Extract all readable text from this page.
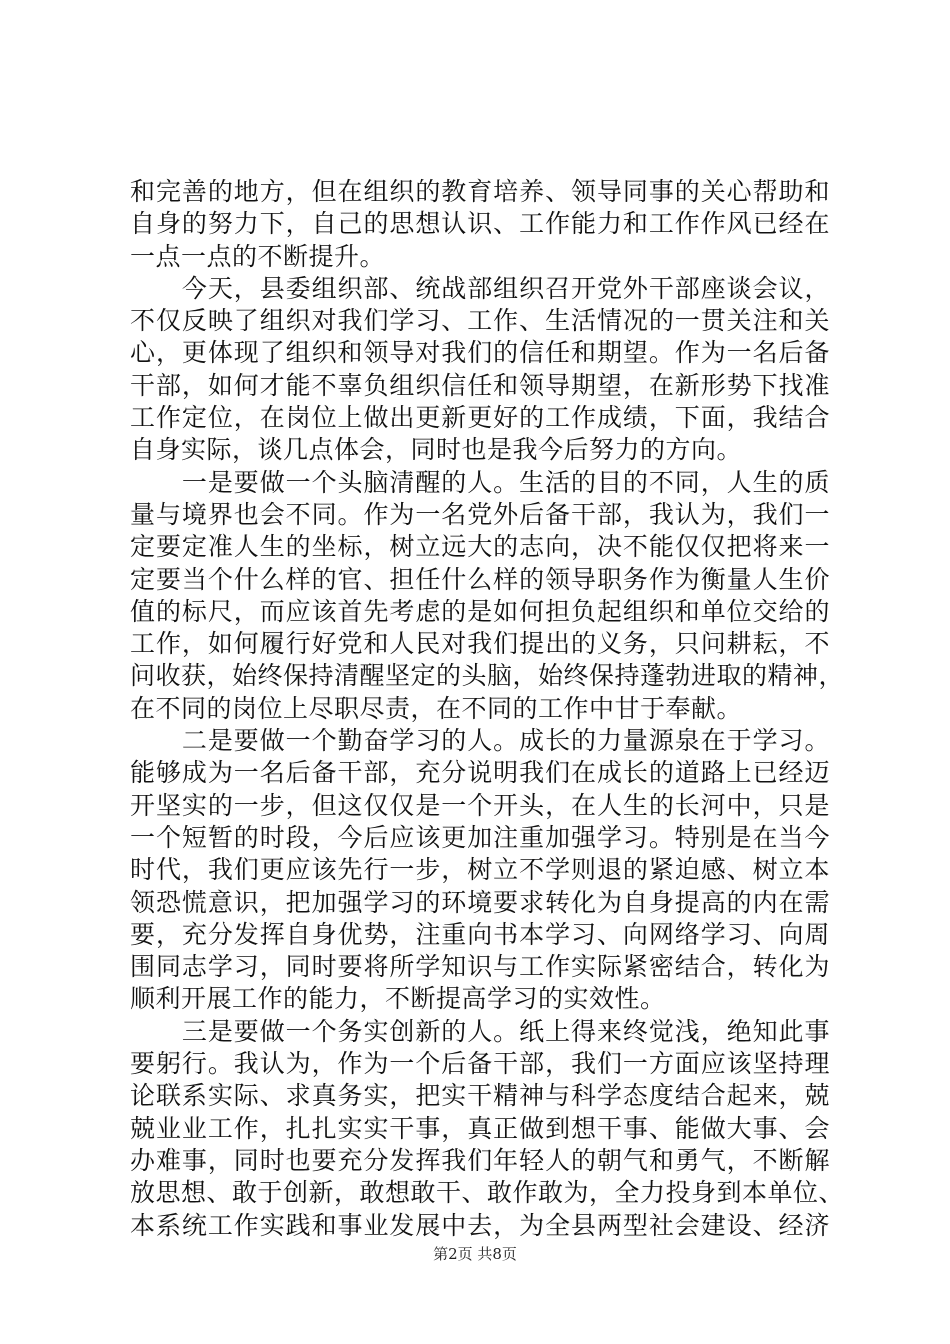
和完善的地方，但在组织的教育培养、领导同事的关心帮助和
自身的努力下，自己的思想认识、工作能力和工作作风已经在
一点一点的不断提升。
　　今天，县委组织部、统战部组织召开党外干部座谈会议，
不仅反映了组织对我们学习、工作、生活情况的一贯关注和关
心，更体现了组织和领导对我们的信任和期望。作为一名后备
干部，如何才能不辜负组织信任和领导期望，在新形势下找准
工作定位，在岗位上做出更新更好的工作成绩，下面，我结合
自身实际，谈几点体会，同时也是我今后努力的方向。
　　一是要做一个头脑清醒的人。生活的目的不同，人生的质
量与境界也会不同。作为一名党外后备干部，我认为，我们一
定要定准人生的坐标，树立远大的志向，决不能仅仅把将来一
定要当个什么样的官、担任什么样的领导职务作为衡量人生价
值的标尺，而应该首先考虑的是如何担负起组织和单位交给的
工作，如何履行好党和人民对我们提出的义务，只问耕耘，不
问收获，始终保持清醒坚定的头脑，始终保持蓬勃进取的精神，
在不同的岗位上尽职尽责，在不同的工作中甘于奉献。
　　二是要做一个勤奋学习的人。成长的力量源泉在于学习。
能够成为一名后备干部，充分说明我们在成长的道路上已经迈
开坚实的一步，但这仅仅是一个开头，在人生的长河中，只是
一个短暂的时段，今后应该更加注重加强学习。特别是在当今
时代，我们更应该先行一步，树立不学则退的紧迫感、树立本
领恐慌意识，把加强学习的环境要求转化为自身提高的内在需
要，充分发挥自身优势，注重向书本学习、向网络学习、向周
围同志学习，同时要将所学知识与工作实际紧密结合，转化为
顺利开展工作的能力，不断提高学习的实效性。
　　三是要做一个务实创新的人。纸上得来终觉浅，绝知此事
要躬行。我认为，作为一个后备干部，我们一方面应该坚持理
论联系实际、求真务实，把实干精神与科学态度结合起来，兢
兢业业工作，扎扎实实干事，真正做到想干事、能做大事、会
办难事，同时也要充分发挥我们年轻人的朝气和勇气，不断解
放思想、敢于创新，敢想敢干、敢作敢为，全力投身到本单位、
本系统工作实践和事业发展中去，为全县两型社会建设、经济
第2页 共8页
